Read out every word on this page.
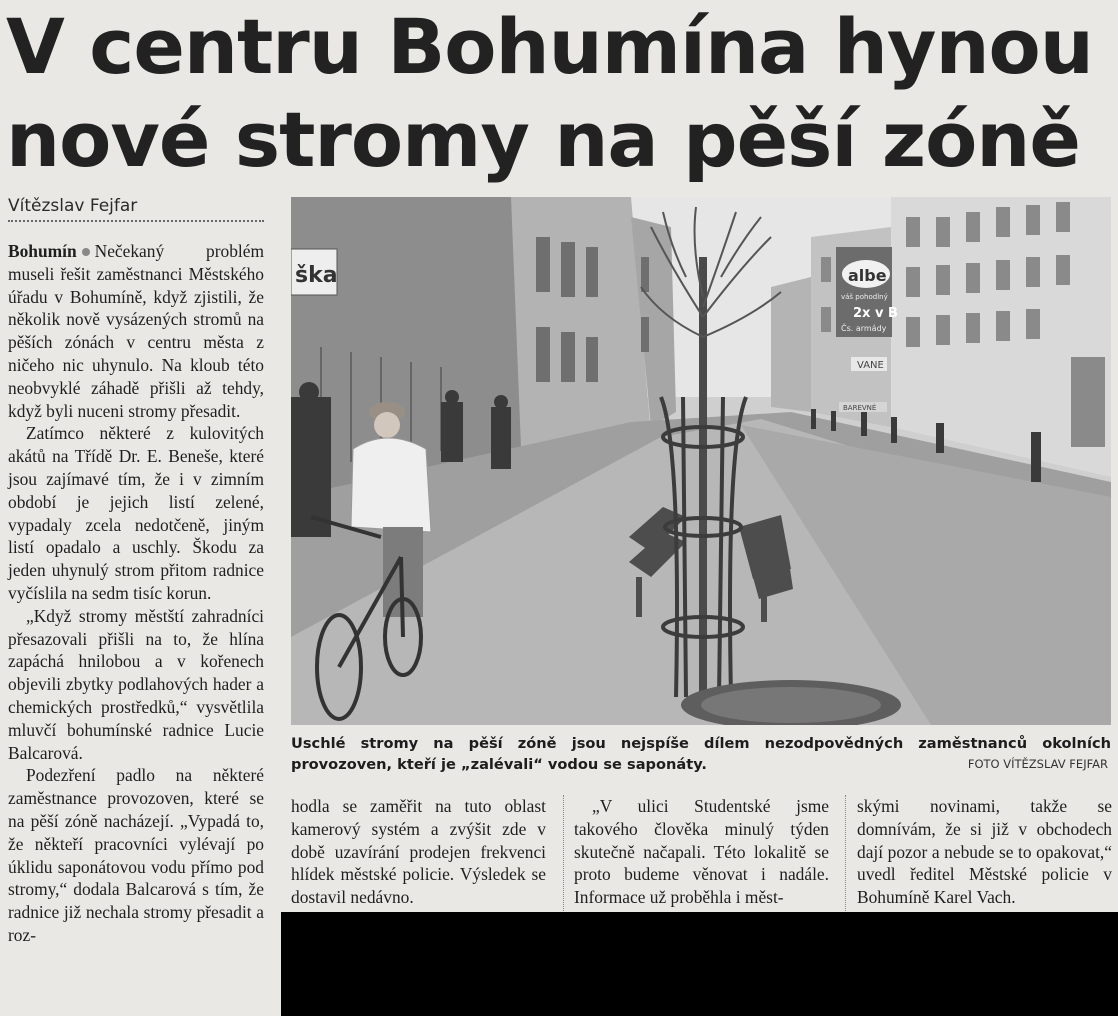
V centru Bohumína hynou
nové stromy na pěší zóně
Vítězslav Fejfar

Bohumín Nečekaný problém museli řešit zaměstnanci Městského úřadu v Bohumíně, když zjistili, že několik nově vysázených stromů na pěších zónách v centru města z ničeho nic uhynulo. Na kloub této neobvyklé záhadě přišli až tehdy, když byli nuceni stromy přesadit.

Zatímco některé z kulovitých akátů na Třídě Dr. E. Beneše, které jsou zajímavé tím, že i v zimním období je jejich listí zelené, vypadaly zcela nedotčeně, jiným listí opadalo a uschly. Škodu za jeden uhynulý strom přitom radnice vyčíslila na sedm tisíc korun.

„Když stromy městští zahradníci přesazovali přišli na to, že hlína zapáchá hnilobou a v kořenech objevili zbytky podlahových hader a chemických prostředků,“ vysvětlila mluvčí bohumínské radnice Lucie Balcarová.

Podezření padlo na některé zaměstnance provozoven, které se na pěší zóně nacházejí. „Vypadá to, že někteří pracovníci vylévají po úklidu saponátovou vodu přímo pod stromy,“ dodala Balcarová s tím, že radnice již nechala stromy přesadit a roz-

ška	albe
váš pohodlný
2x v B
Čs. armády
VANE
BAREVNÉ
Uschlé stromy na pěší zóně jsou nejspíše dílem nezodpovědných zaměstnanců okolních provozoven, kteří je „zalévali“ vodou se saponáty.	FOTO VÍTĚZSLAV FEJFAR

hodla se zaměřit na tuto oblast kamerový systém a zvýšit zde v době uzavírání prodejen frekvenci hlídek městské policie. Výsledek se dostavil nedávno.

„V ulici Studentské jsme takového člověka minulý týden skutečně načapali. Této lokalitě se proto budeme věnovat i nadále. Informace už proběhla i měst-

skými novinami, takže se domnívám, že si již v obchodech dají pozor a nebude se to opakovat,“ uvedl ředitel Městské policie v Bohumíně Karel Vach.
